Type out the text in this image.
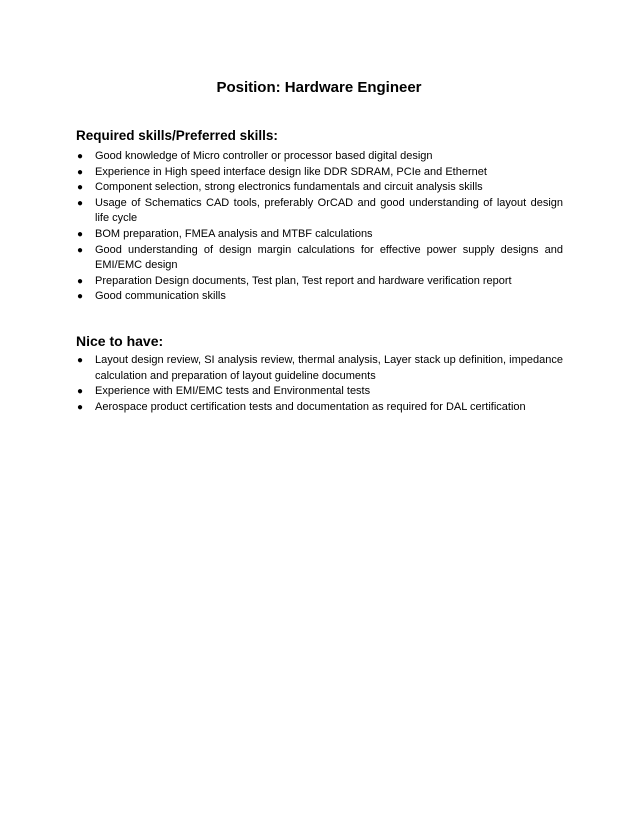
Position: Hardware Engineer
Required skills/Preferred skills:
● Good knowledge of Micro controller or processor based digital design
● Experience in High speed interface design like DDR SDRAM, PCIe and Ethernet
● Component selection, strong electronics fundamentals and circuit analysis skills
● Usage of Schematics CAD tools, preferably OrCAD and good understanding of layout design life cycle
● BOM preparation, FMEA analysis and MTBF calculations
● Good understanding of design margin calculations for effective power supply designs and EMI/EMC design
● Preparation Design documents, Test plan, Test report and hardware verification report
● Good communication skills
Nice to have:
● Layout design review, SI analysis review, thermal analysis, Layer stack up definition, impedance calculation and preparation of layout guideline documents
● Experience with EMI/EMC tests and Environmental tests
● Aerospace product certification tests and documentation as required for DAL certification
